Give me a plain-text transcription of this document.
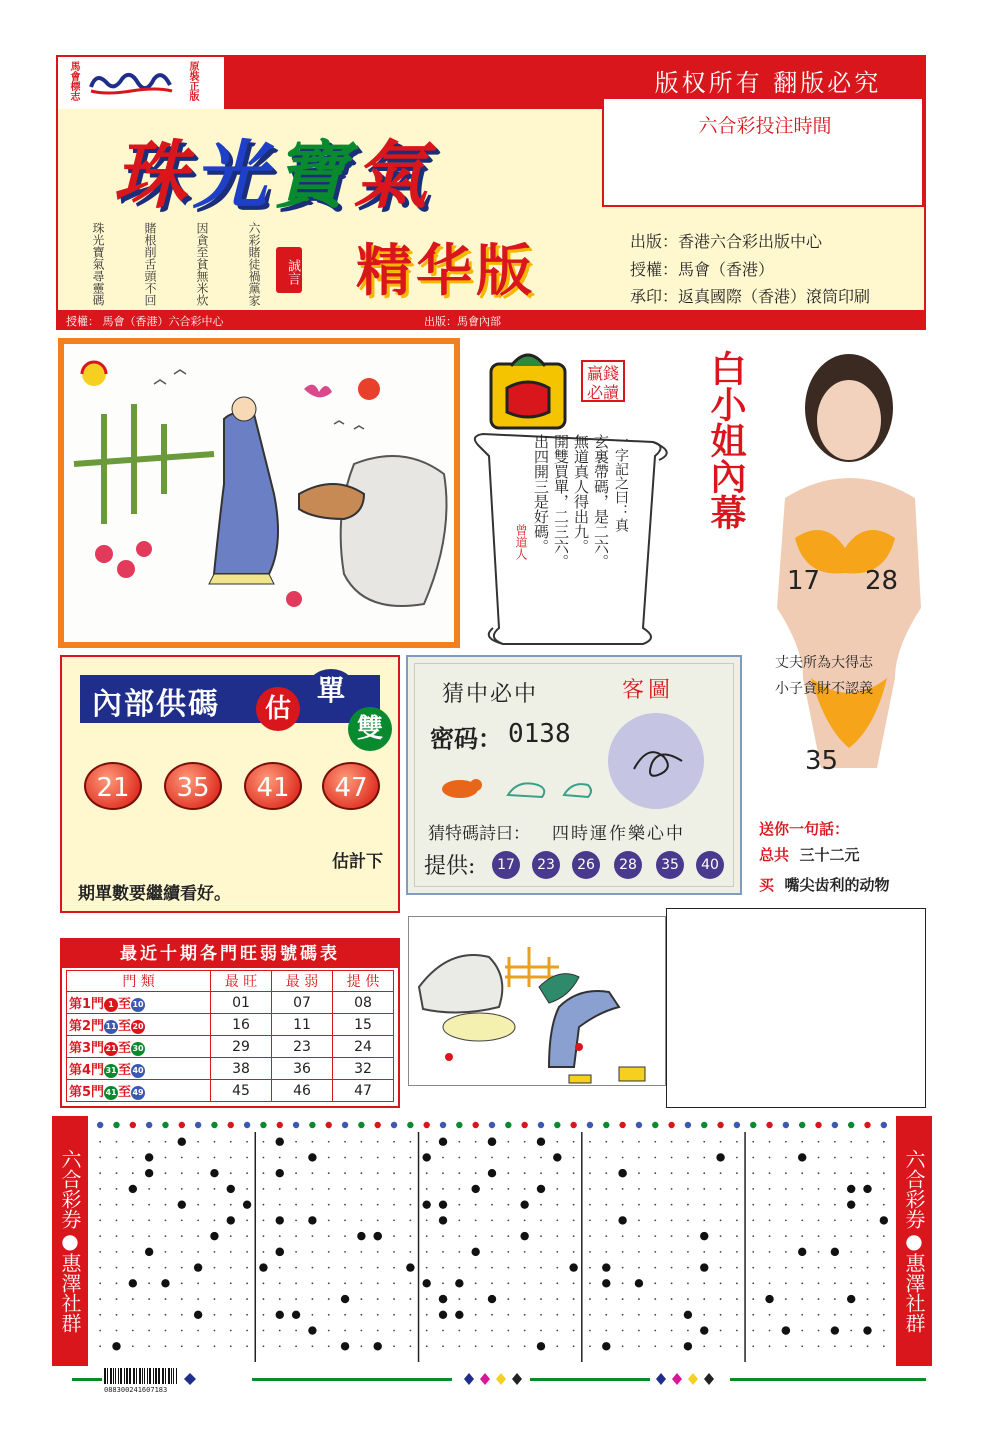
馬會標志	原裝正版	版权所有 翻版必究
六合彩投注時間
珠光寶氣
珠光寶氣尋靈碼	賭根削舌頭不回	因貪至貧無米炊	六彩賭徒禍黨家	誠言 精华版	出版：香港六合彩出版中心
授權：馬會（香港）
承印：返真國際（香港）滾筒印刷
授權： 馬會（香港）六合彩中心	出版：馬會內部
贏錢必讀
一字記之曰：真
玄裏帶碼，是二六。
無道真人得出九。
開雙買單，二三六。
出四開三是好碼。
曾道人
白小姐內幕
17 28
丈夫所為大得志
小子貪財不認義
35
送你一句話：
总共 三十二元
买 嘴尖齿利的动物
內部供碼	估
單
雙
21	35	41	47
估計下
期單數要繼續看好。
猜中必中	客圖
密码： 0138
猜特碼詩曰： 四時運作樂心中
提供:	17	23	26	28	35	40
最近十期各門旺弱號碼表
門 類	最 旺	最 弱	提 供
第1門 1 至10	01	07	08
第2門11至20	16	11	15
第3門21至30	29	23	24
第4門31至40	38	36	32
第5門41至49	45	46	47
六合彩券●惠澤社群	六合彩券●惠澤社群
088300241607183
